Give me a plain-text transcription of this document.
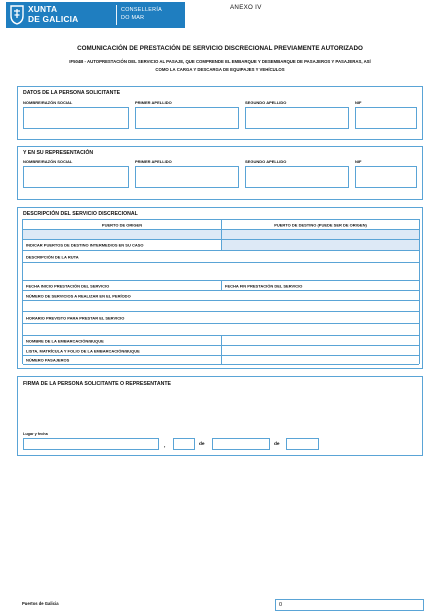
XUNTA
DE GALICIA
CONSELLERÍA
DO MAR
ANEXO IV
COMUNICACIÓN DE PRESTACIÓN DE SERVICIO DISCRECIONAL PREVIAMENTE AUTORIZADO
IF504B - AUTOPRESTACIÓN DEL SERVICIO AL PASAJE, QUE COMPRENDE EL EMBARQUE Y DESEMBARQUE DE PASAJEROS Y PASAJERAS, ASÍ
COMO LA CARGA Y DESCARGA DE EQUIPAJES Y VEHÍCULOS
DATOS DE LA PERSONA SOLICITANTE
NOMBRE/RAZÓN SOCIAL	PRIMER APELLIDO	SEGUNDO APELLIDO	NIF
Y EN SU REPRESENTACIÓN
NOMBRE/RAZÓN SOCIAL	PRIMER APELLIDO	SEGUNDO APELLIDO	NIF
DESCRIPCIÓN DEL SERVICIO DISCRECIONAL
PUERTO DE ORIGEN	PUERTO DE DESTINO (PUEDE SER DE ORIGEN)
INDICAR PUERTOS DE DESTINO INTERMEDIOS EN SU CASO
DESCRIPCIÓN DE LA RUTA
FECHA INICIO PRESTACIÓN DEL SERVICIO	FECHA FIN PRESTACIÓN DEL SERVICIO
NÚMERO DE SERVICIOS A REALIZAR EN EL PERÍODO
HORARIO PREVISTO PARA PRESTAR EL SERVICIO
NOMBRE DE LA EMBARCACIÓN/BUQUE
LISTA, MATRÍCULA Y FOLIO DE LA EMBARCACIÓN/BUQUE
NÚMERO PASAJEROS
FIRMA DE LA PERSONA SOLICITANTE O REPRESENTANTE
Lugar y fecha
,	de	de
Puertos de Galicia	0
